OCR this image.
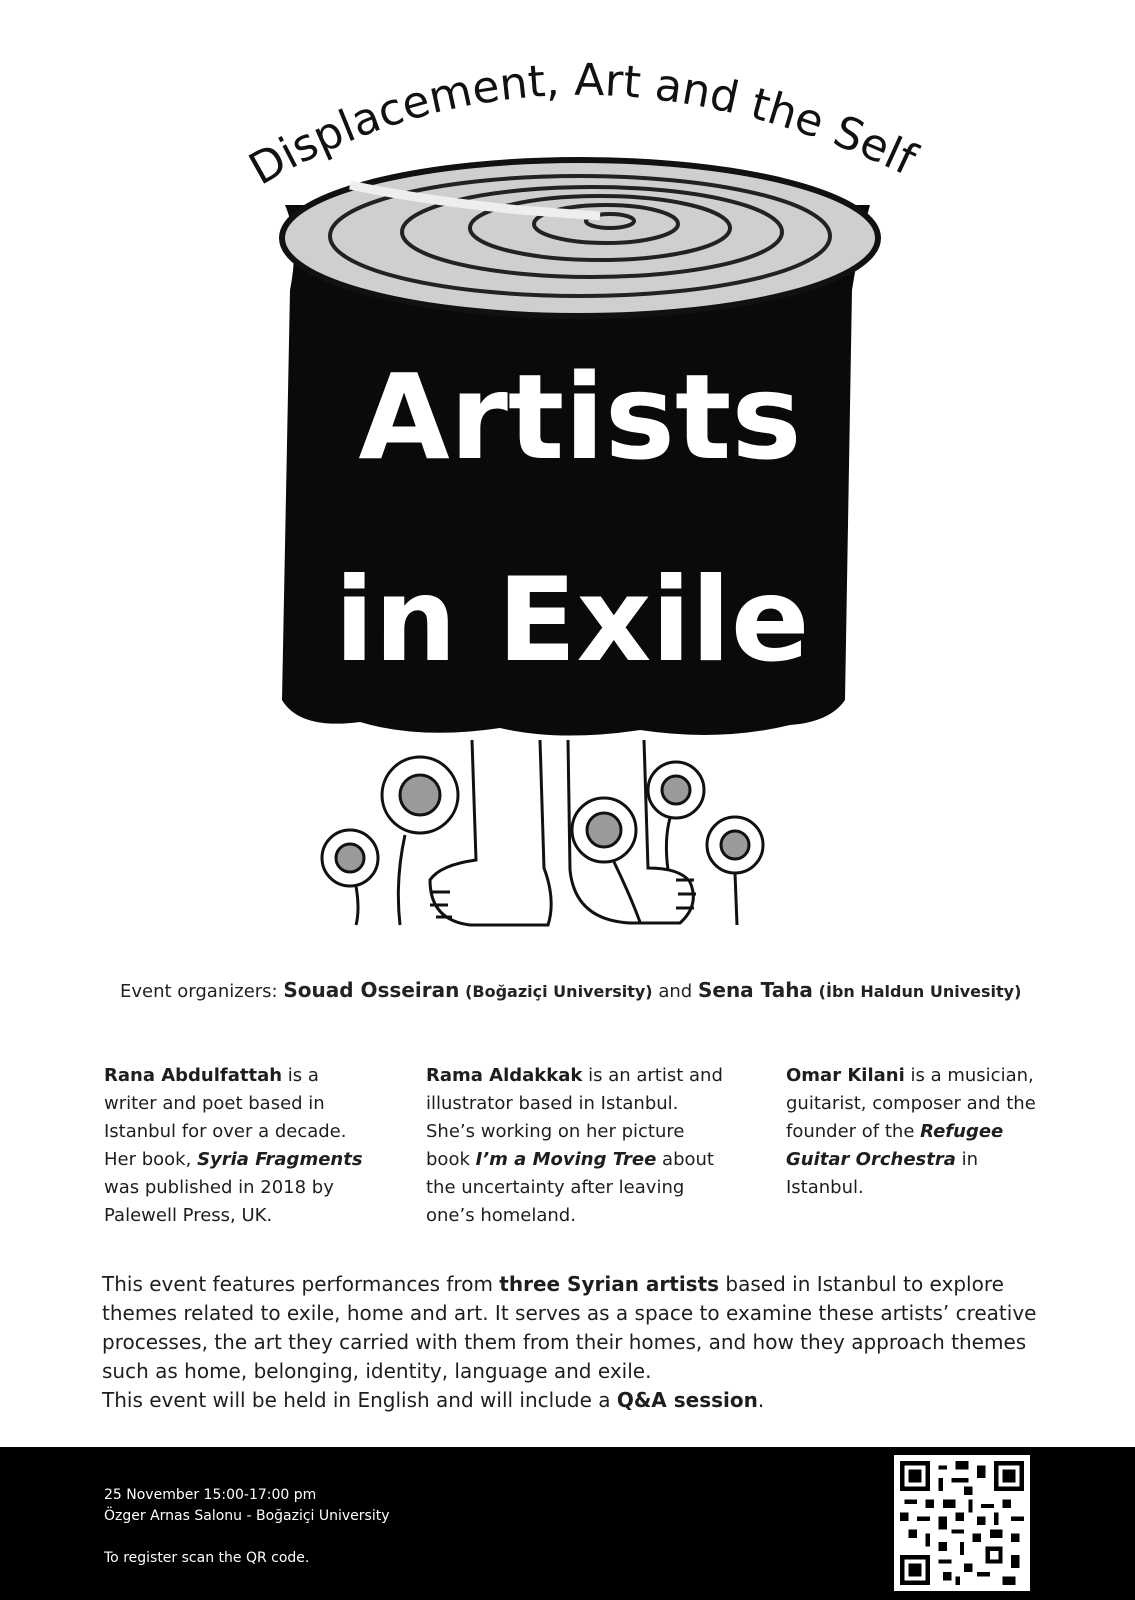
Displacement, Art and the Self
Artists
in Exile
Event organizers: Souad Osseiran (Boğaziçi University) and Sena Taha (İbn Haldun Univesity)
Rana Abdulfattah is a writer and poet based in Istanbul for over a decade. Her book, Syria Fragments was published in 2018 by Palewell Press, UK.
Rama Aldakkak is an artist and illustrator based in Istanbul. She’s working on her picture book I’m a Moving Tree about the uncertainty after leaving one’s homeland.
Omar Kilani is a musician, guitarist, composer and the founder of the Refugee Guitar Orchestra in Istanbul.

This event features performances from three Syrian artists based in Istanbul to explore themes related to exile, home and art. It serves as a space to examine these artists’ creative processes, the art they carried with them from their homes, and how they approach themes such as home, belonging, identity, language and exile.

This event will be held in English and will include a Q&A session.

25 November 15:00-17:00 pm
Özger Arnas Salonu - Boğaziçi University
To register scan the QR code.
